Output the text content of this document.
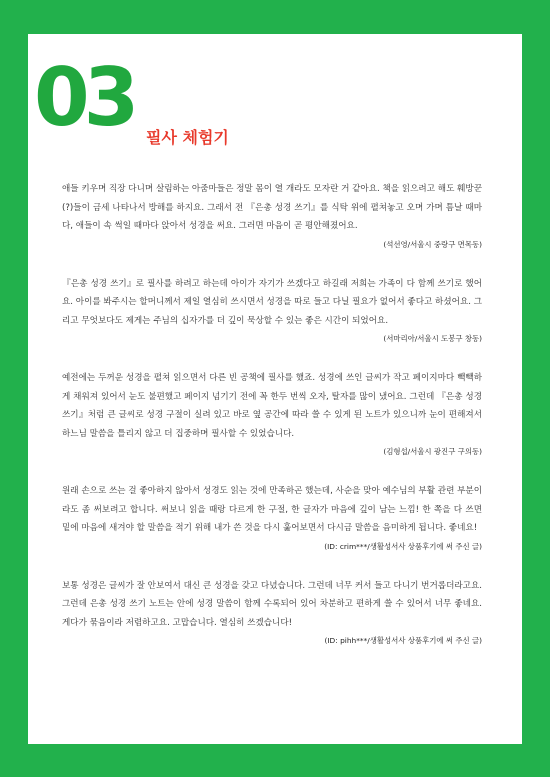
03 필사 체험기

애들 키우며 직장 다니며 살림하는 아줌마들은 정말 몸이 열 개라도 모자란 거 같아요. 책을 읽으려고 해도 훼방꾼(?)들이 금세 나타나서 방해를 하지요. 그래서 전 『은총 성경 쓰기』를 식탁 위에 펼쳐놓고 오며 가며 틈날 때마다, 애들이 속 썩일 때마다 앉아서 성경을 써요. 그러면 마음이 곧 평안해졌어요.

(석선영/서울시 중랑구 면목동)

『은총 성경 쓰기』로 필사를 하려고 하는데 아이가 자기가 쓰겠다고 하길래 저희는 가족이 다 함께 쓰기로 했어요. 아이를 봐주시는 할머니께서 제일 열심히 쓰시면서 성경을 따로 들고 다닐 필요가 없어서 좋다고 하셨어요. 그리고 무엇보다도 제게는 주님의 십자가를 더 깊이 묵상할 수 있는 좋은 시간이 되었어요.

(서마리아/서울시 도봉구 창동)

예전에는 두꺼운 성경을 펼쳐 읽으면서 다른 빈 공책에 필사를 했죠. 성경에 쓰인 글씨가 작고 페이지마다 빽빽하게 채워져 있어서 눈도 불편했고 페이지 넘기기 전에 꼭 한두 번씩 오자, 탈자를 많이 냈어요. 그런데 『은총 성경 쓰기』처럼 큰 글씨로 성경 구절이 실려 있고 바로 옆 공간에 따라 쓸 수 있게 된 노트가 있으니까 눈이 편해져서 하느님 말씀을 틀리지 않고 더 집중하며 필사할 수 있었습니다.

(김형섭/서울시 광진구 구의동)

원래 손으로 쓰는 걸 좋아하지 않아서 성경도 읽는 것에 만족하곤 했는데, 사순을 맞아 예수님의 부활 관련 부분이라도 좀 써보려고 합니다. 써보니 읽을 때랑 다르게 한 구절, 한 글자가 마음에 깊이 남는 느낌! 한 쪽을 다 쓰면 밑에 마음에 새겨야 할 말씀을 적기 위해 내가 쓴 것을 다시 훑어보면서 다시금 말씀을 음미하게 됩니다. 좋네요!

(ID: crim***/생활성서사 상품후기에 써 주신 글)

보통 성경은 글씨가 잘 안보여서 대신 큰 성경을 갖고 다녔습니다. 그런데 너무 커서 들고 다니기 번거롭더라고요. 그런데 은총 성경 쓰기 노트는 안에 성경 말씀이 함께 수록되어 있어 차분하고 편하게 쓸 수 있어서 너무 좋네요. 게다가 묶음이라 저렴하고요. 고맙습니다. 열심히 쓰겠습니다!

(ID: pihh***/생활성서사 상품후기에 써 주신 글)
